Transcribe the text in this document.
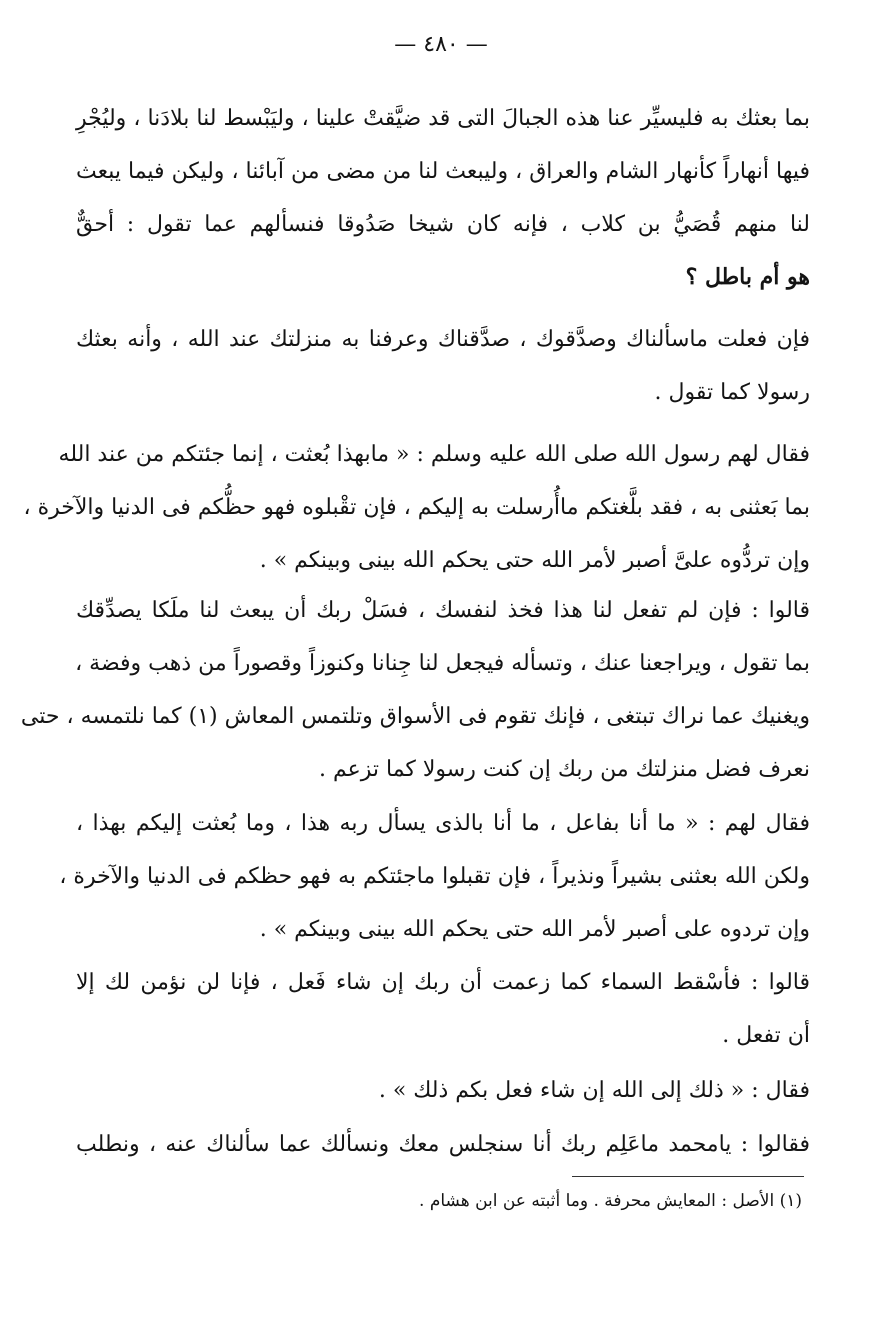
— ٤٨٠ —
بما بعثك به فليسيِّر عنا هذه الجبالَ التى قد ضيَّقتْ علينا ، وليَبْسط لنا بلادَنا ، وليُجْرِ
فيها أنهاراً كأنهار الشام والعراق ، وليبعث لنا من مضى من آبائنا ، وليكن فيما يبعث
لنا منهم قُصَيُّ بن كلاب ، فإنه كان شيخا صَدُوقا فنسألهم عما تقول : أحقٌّ
هو أم باطل ؟
فإن فعلت ماسألناك وصدَّقوك ، صدَّقناك وعرفنا به منزلتك عند الله ، وأنه بعثك
رسولا كما تقول .
فقال لهم رسول الله صلى الله عليه وسلم : « مابهذا بُعثت ، إنما جئتكم من عند الله
بما بَعثنى به ، فقد بلَّغتكم ماأُرسلت به إليكم ، فإن تقْبلوه فهو حظُّكم فى الدنيا والآخرة ،
وإن تردُّوه علىَّ أصبر لأمر الله حتى يحكم الله بينى وبينكم » .
قالوا : فإن لم تفعل لنا هذا فخذ لنفسك ، فسَلْ ربك أن يبعث لنا ملَكا يصدِّقك
بما تقول ، ويراجعنا عنك ، وتسأله فيجعل لنا جِنانا وكنوزاً وقصوراً من ذهب وفضة ،
ويغنيك عما نراك تبتغى ، فإنك تقوم فى الأسواق وتلتمس المعاش (١) كما نلتمسه ، حتى
نعرف فضل منزلتك من ربك إن كنت رسولا كما تزعم .
فقال لهم : « ما أنا بفاعل ، ما أنا بالذى يسأل ربه هذا ، وما بُعثت إليكم بهذا ،
ولكن الله بعثنى بشيراً ونذيراً ، فإن تقبلوا ماجئتكم به فهو حظكم فى الدنيا والآخرة ،
وإن تردوه على أصبر لأمر الله حتى يحكم الله بينى وبينكم » .
قالوا : فأسْقط السماء كما زعمت أن ربك إن شاء فَعل ، فإنا لن نؤمن لك إلا
أن تفعل .
فقال : « ذلك إلى الله إن شاء فعل بكم ذلك » .
فقالوا : يامحمد ماعَلِم ربك أنا سنجلس معك ونسألك عما سألناك عنه ، ونطلب
(١) الأصل : المعايش محرفة . وما أثبته عن ابن هشام .
